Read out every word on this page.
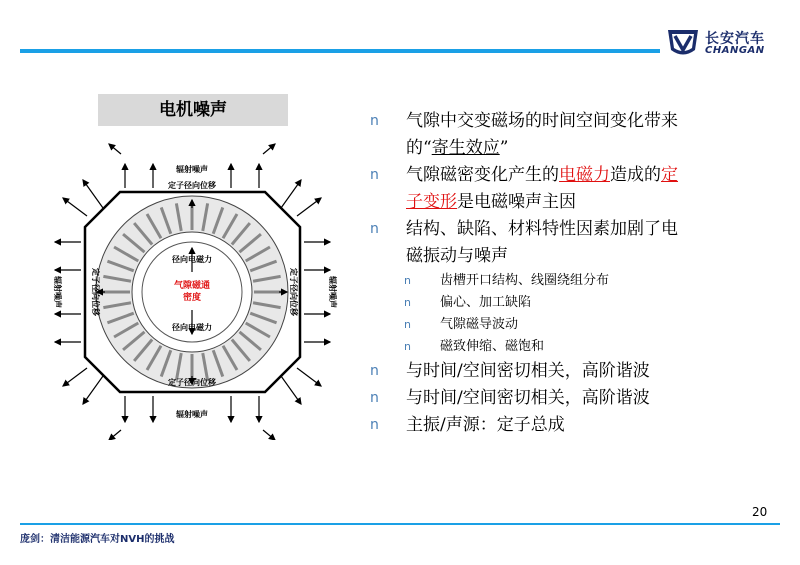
长安汽车
CHANGAN
电机噪声
辐射噪声
辐射噪声
辐射噪声	辐射噪声
定子径向位移
定子径向位移
定子径向位移	定子径向位移
径向电磁力
径向电磁力
气隙磁通
密度
n 气隙中交变磁场的时间空间变化带来
的“寄生效应”
n 气隙磁密变化产生的电磁力造成的定
子变形是电磁噪声主因
n 结构、缺陷、材料特性因素加剧了电
磁振动与噪声
n 齿槽开口结构、线圈绕组分布
n 偏心、加工缺陷
n 气隙磁导波动
n 磁致伸缩、磁饱和
n 与时间/空间密切相关，高阶谐波
n 与时间/空间密切相关，高阶谐波
n 主振/声源：定子总成
20
庞剑：清洁能源汽车对NVH的挑战
